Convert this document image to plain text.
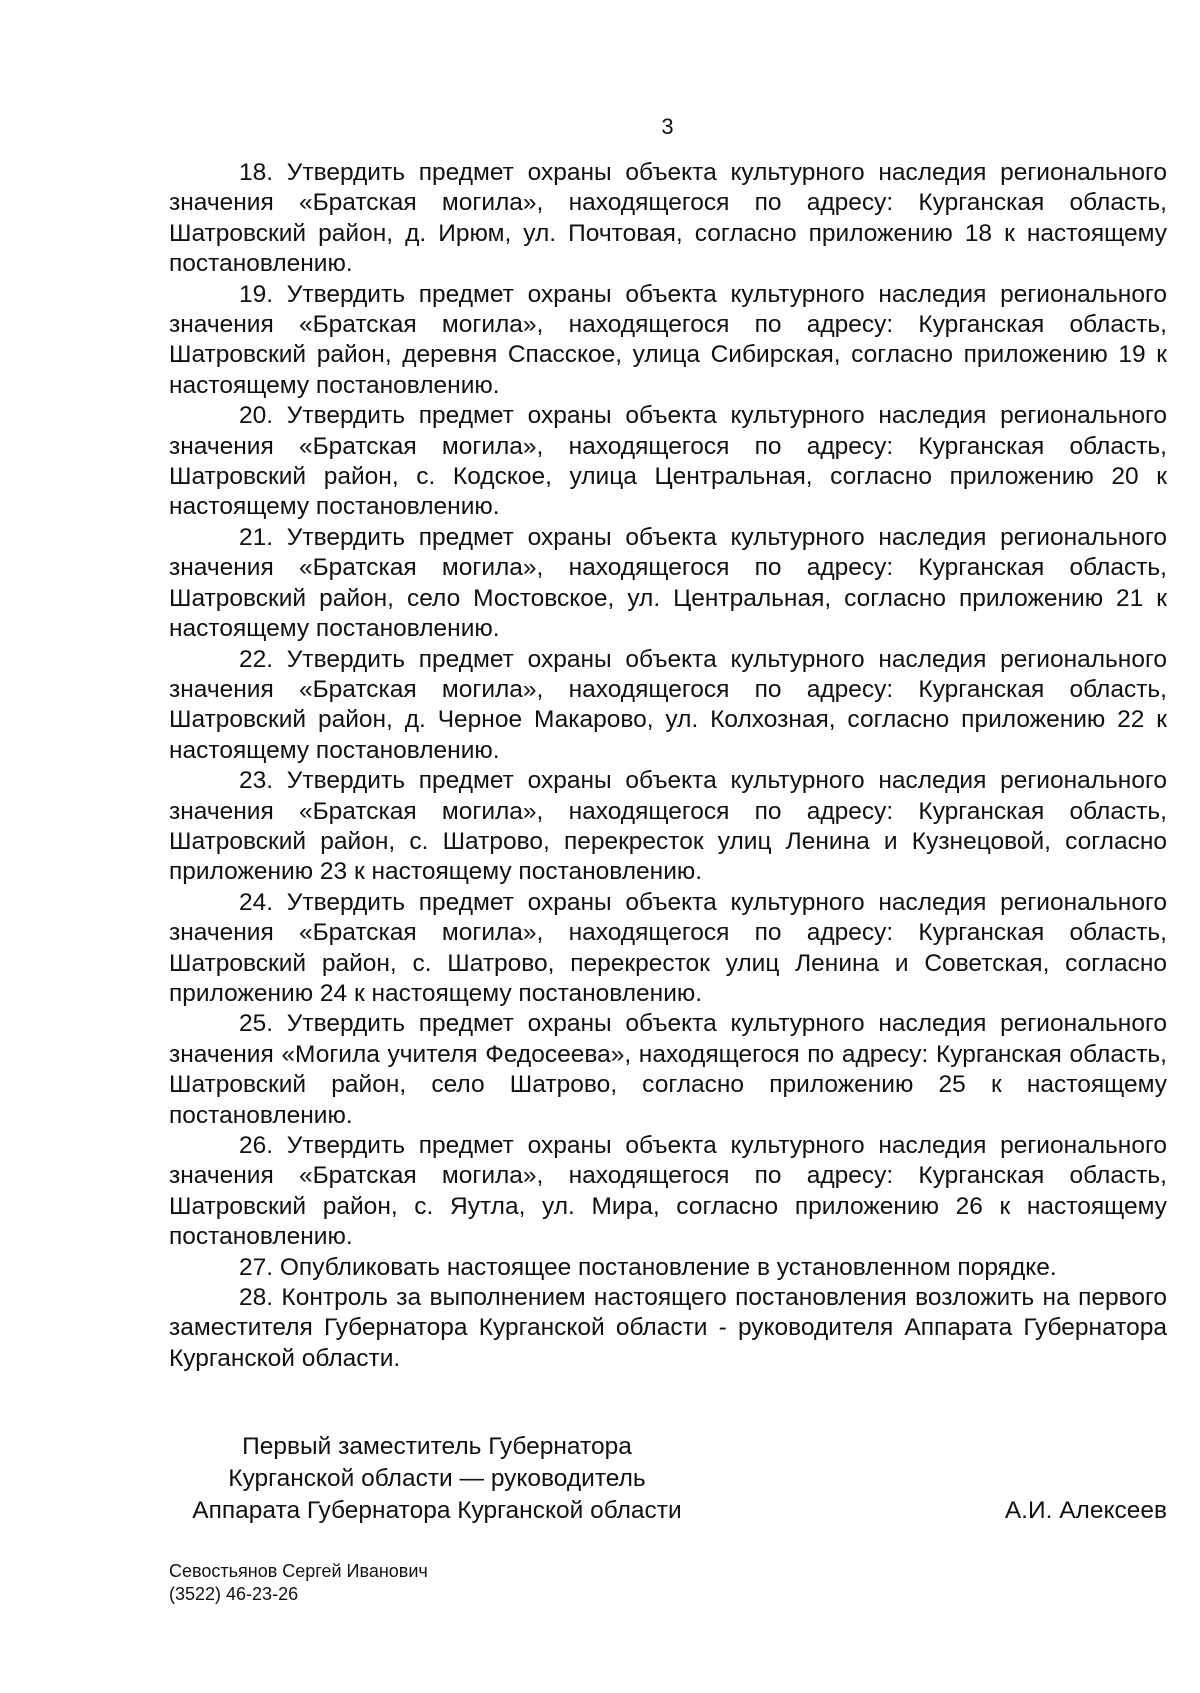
3

18. Утвердить предмет охраны объекта культурного наследия регионального значения «Братская могила», находящегося по адресу: Курганская область, Шатровский район, д. Ирюм, ул. Почтовая, согласно приложению 18 к настоящему постановлению.

19. Утвердить предмет охраны объекта культурного наследия регионального значения «Братская могила», находящегося по адресу: Курганская область, Шатровский район, деревня Спасское, улица Сибирская, согласно приложению 19 к настоящему постановлению.

20. Утвердить предмет охраны объекта культурного наследия регионального значения «Братская могила», находящегося по адресу: Курганская область, Шатровский район, с. Кодское, улица Центральная, согласно приложению 20 к настоящему постановлению.

21. Утвердить предмет охраны объекта культурного наследия регионального значения «Братская могила», находящегося по адресу: Курганская область, Шатровский район, село Мостовское, ул. Центральная, согласно приложению 21 к настоящему постановлению.

22. Утвердить предмет охраны объекта культурного наследия регионального значения «Братская могила», находящегося по адресу: Курганская область, Шатровский район, д. Черное Макарово, ул. Колхозная, согласно приложению 22 к настоящему постановлению.

23. Утвердить предмет охраны объекта культурного наследия регионального значения «Братская могила», находящегося по адресу: Курганская область, Шатровский район, с. Шатрово, перекресток улиц Ленина и Кузнецовой, согласно приложению 23 к настоящему постановлению.

24. Утвердить предмет охраны объекта культурного наследия регионального значения «Братская могила», находящегося по адресу: Курганская область, Шатровский район, с. Шатрово, перекресток улиц Ленина и Советская, согласно приложению 24 к настоящему постановлению.

25. Утвердить предмет охраны объекта культурного наследия регионального значения «Могила учителя Федосеева», находящегося по адресу: Курганская область, Шатровский район, село Шатрово, согласно приложению 25 к настоящему постановлению.

26. Утвердить предмет охраны объекта культурного наследия регионального значения «Братская могила», находящегося по адресу: Курганская область, Шатровский район, с. Яутла, ул. Мира, согласно приложению 26 к настоящему постановлению.

27. Опубликовать настоящее постановление в установленном порядке.

28. Контроль за выполнением настоящего постановления возложить на первого заместителя Губернатора Курганской области - руководителя Аппарата Губернатора Курганской области.

Первый заместитель Губернатора
Курганской области — руководитель
Аппарата Губернатора Курганской области	А.И. Алексеев
Севостьянов Сергей Иванович
(3522) 46-23-26
